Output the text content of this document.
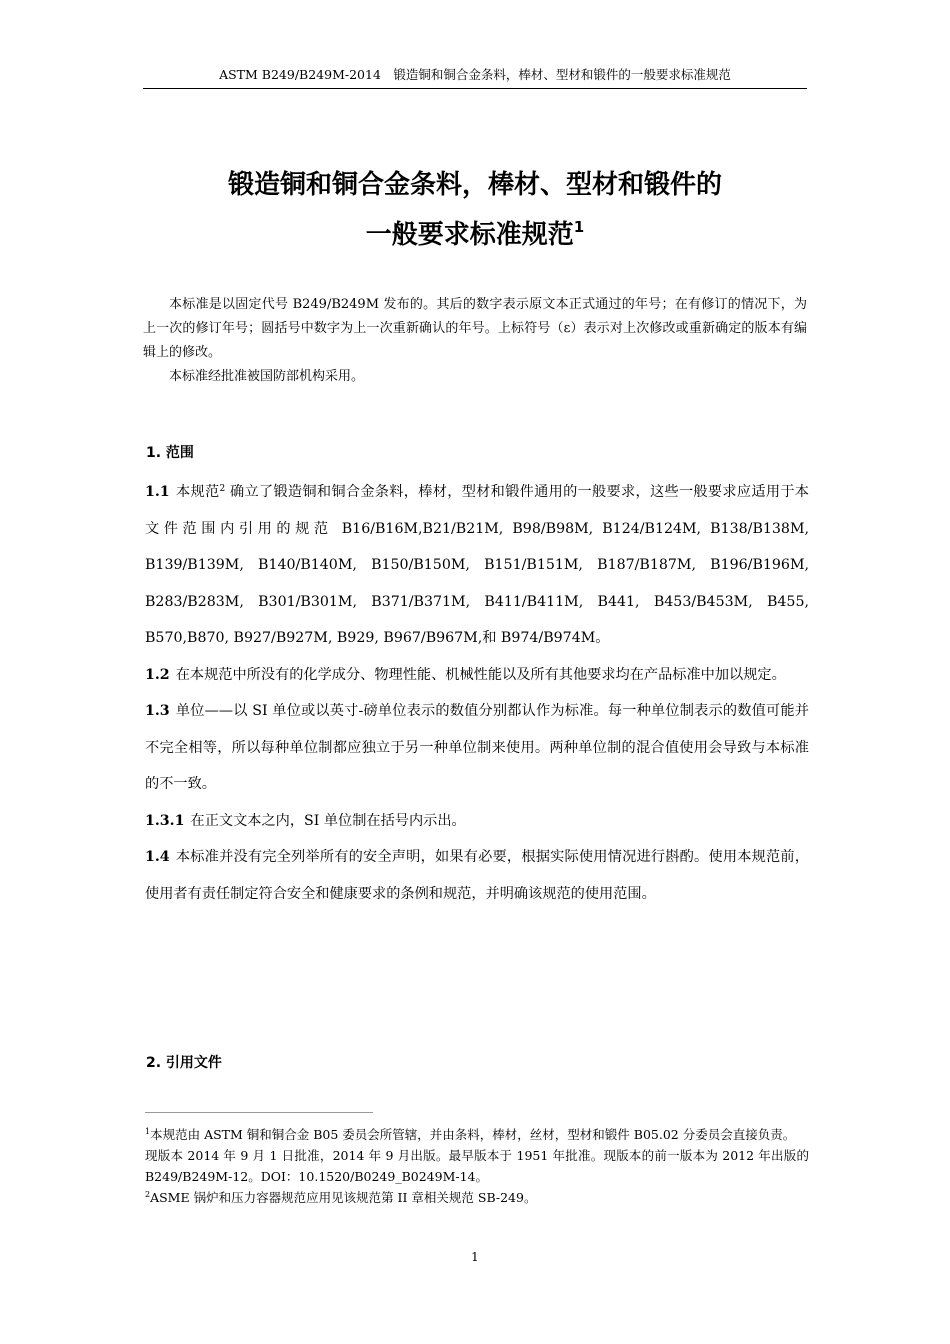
ASTM B249/B249M-2014　锻造铜和铜合金条料，棒材、型材和锻件的一般要求标准规范
锻造铜和铜合金条料，棒材、型材和锻件的
一般要求标准规范$^1$

本标准是以固定代号 B249/B249M 发布的。其后的数字表示原文本正式通过的年号；在有修订的情况下，为上一次的修订年号；圆括号中数字为上一次重新确认的年号。上标符号（ε）表示对上次修改或重新确定的版本有编辑上的修改。

本标准经批准被国防部机构采用。

1. 范围

1.1 本规范$^2$ 确立了锻造铜和铜合金条料，棒材，型材和锻件通用的一般要求，这些一般要求应适用于本文件范围内引用的规范 B16/B16M,B21/B21M, B98/B98M, B124/B124M, B138/B138M, B139/B139M, B140/B140M, B150/B150M, B151/B151M, B187/B187M, B196/B196M, B283/B283M, B301/B301M, B371/B371M, B411/B411M, B441, B453/B453M, B455, B570,B870, B927/B927M, B929, B967/B967M,和 B974/B974M。

1.2 在本规范中所没有的化学成分、物理性能、机械性能以及所有其他要求均在产品标准中加以规定。

1.3 单位——以 SI 单位或以英寸-磅单位表示的数值分别都认作为标准。每一种单位制表示的数值可能并不完全相等，所以每种单位制都应独立于另一种单位制来使用。两种单位制的混合值使用会导致与本标准的不一致。

1.3.1 在正文文本之内，SI 单位制在括号内示出。

1.4 本标准并没有完全列举所有的安全声明，如果有必要，根据实际使用情况进行斟酌。使用本规范前，使用者有责任制定符合安全和健康要求的条例和规范，并明确该规范的使用范围。

2. 引用文件

$^1$本规范由 ASTM 铜和铜合金 B05 委员会所管辖，并由条料，棒材，丝材，型材和锻件 B05.02 分委员会直接负责。

现版本 2014 年 9 月 1 日批准，2014 年 9 月出版。最早版本于 1951 年批准。现版本的前一版本为 2012 年出版的 B249/B249M-12。DOI：10.1520/B0249_B0249M-14。

$^2$ASME 锅炉和压力容器规范应用见该规范第 II 章相关规范 SB-249。

1
